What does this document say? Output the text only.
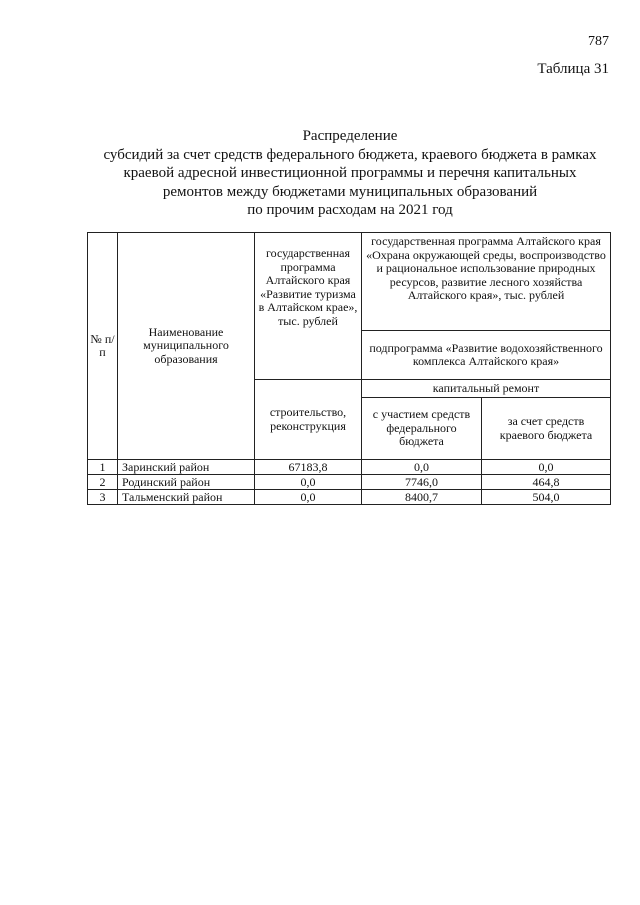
787
Таблица 31
Распределение
субсидий за счет средств федерального бюджета, краевого бюджета в рамках
краевой адресной инвестиционной программы и перечня капитальных
ремонтов между бюджетами муниципальных образований
по прочим расходам на 2021 год
№ п/п	Наименование муниципального образования	государственная программа Алтайского края «Развитие туризма в Алтайском крае», тыс. рублей	государственная программа Алтайского края «Охрана окружающей среды, воспроизводство и рациональное использование природных ресурсов, развитие лесного хозяйства Алтайского края», тыс. рублей	
			подпрограмма «Развитие водохозяйственного комплекса Алтайского края»	
		строительство, реконструкция	капитальный ремонт	
			с участием средств федерального бюджета	за счет средств краевого бюджета
1	Заринский район	67183,8	0,0	0,0
2	Родинский район	0,0	7746,0	464,8
3	Тальменский район	0,0	8400,7	504,0
